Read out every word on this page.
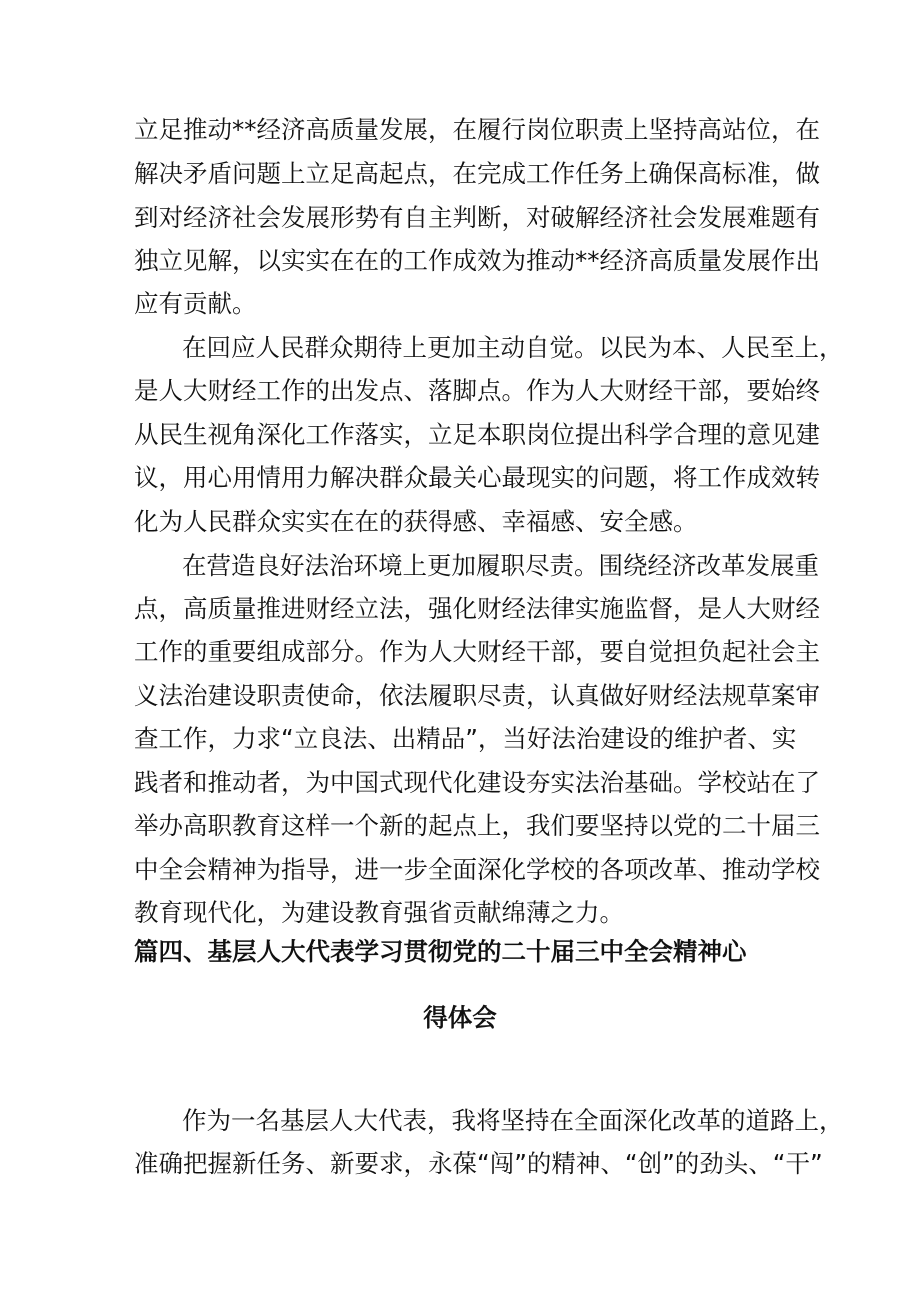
立足推动**经济高质量发展，在履行岗位职责上坚持高站位，在
解决矛盾问题上立足高起点，在完成工作任务上确保高标准，做
到对经济社会发展形势有自主判断，对破解经济社会发展难题有
独立见解，以实实在在的工作成效为推动**经济高质量发展作出
应有贡献。
在回应人民群众期待上更加主动自觉。以民为本、人民至上，
是人大财经工作的出发点、落脚点。作为人大财经干部，要始终
从民生视角深化工作落实，立足本职岗位提出科学合理的意见建
议，用心用情用力解决群众最关心最现实的问题，将工作成效转
化为人民群众实实在在的获得感、幸福感、安全感。
在营造良好法治环境上更加履职尽责。围绕经济改革发展重
点，高质量推进财经立法，强化财经法律实施监督，是人大财经
工作的重要组成部分。作为人大财经干部，要自觉担负起社会主
义法治建设职责使命，依法履职尽责，认真做好财经法规草案审
查工作，力求“立良法、出精品”，当好法治建设的维护者、实
践者和推动者，为中国式现代化建设夯实法治基础。学校站在了
举办高职教育这样一个新的起点上，我们要坚持以党的二十届三
中全会精神为指导，进一步全面深化学校的各项改革、推动学校
教育现代化，为建设教育强省贡献绵薄之力。
篇四、基层人大代表学习贯彻党的二十届三中全会精神心
得体会
作为一名基层人大代表，我将坚持在全面深化改革的道路上，
准确把握新任务、新要求，永葆“闯”的精神、“创”的劲头、“干”
